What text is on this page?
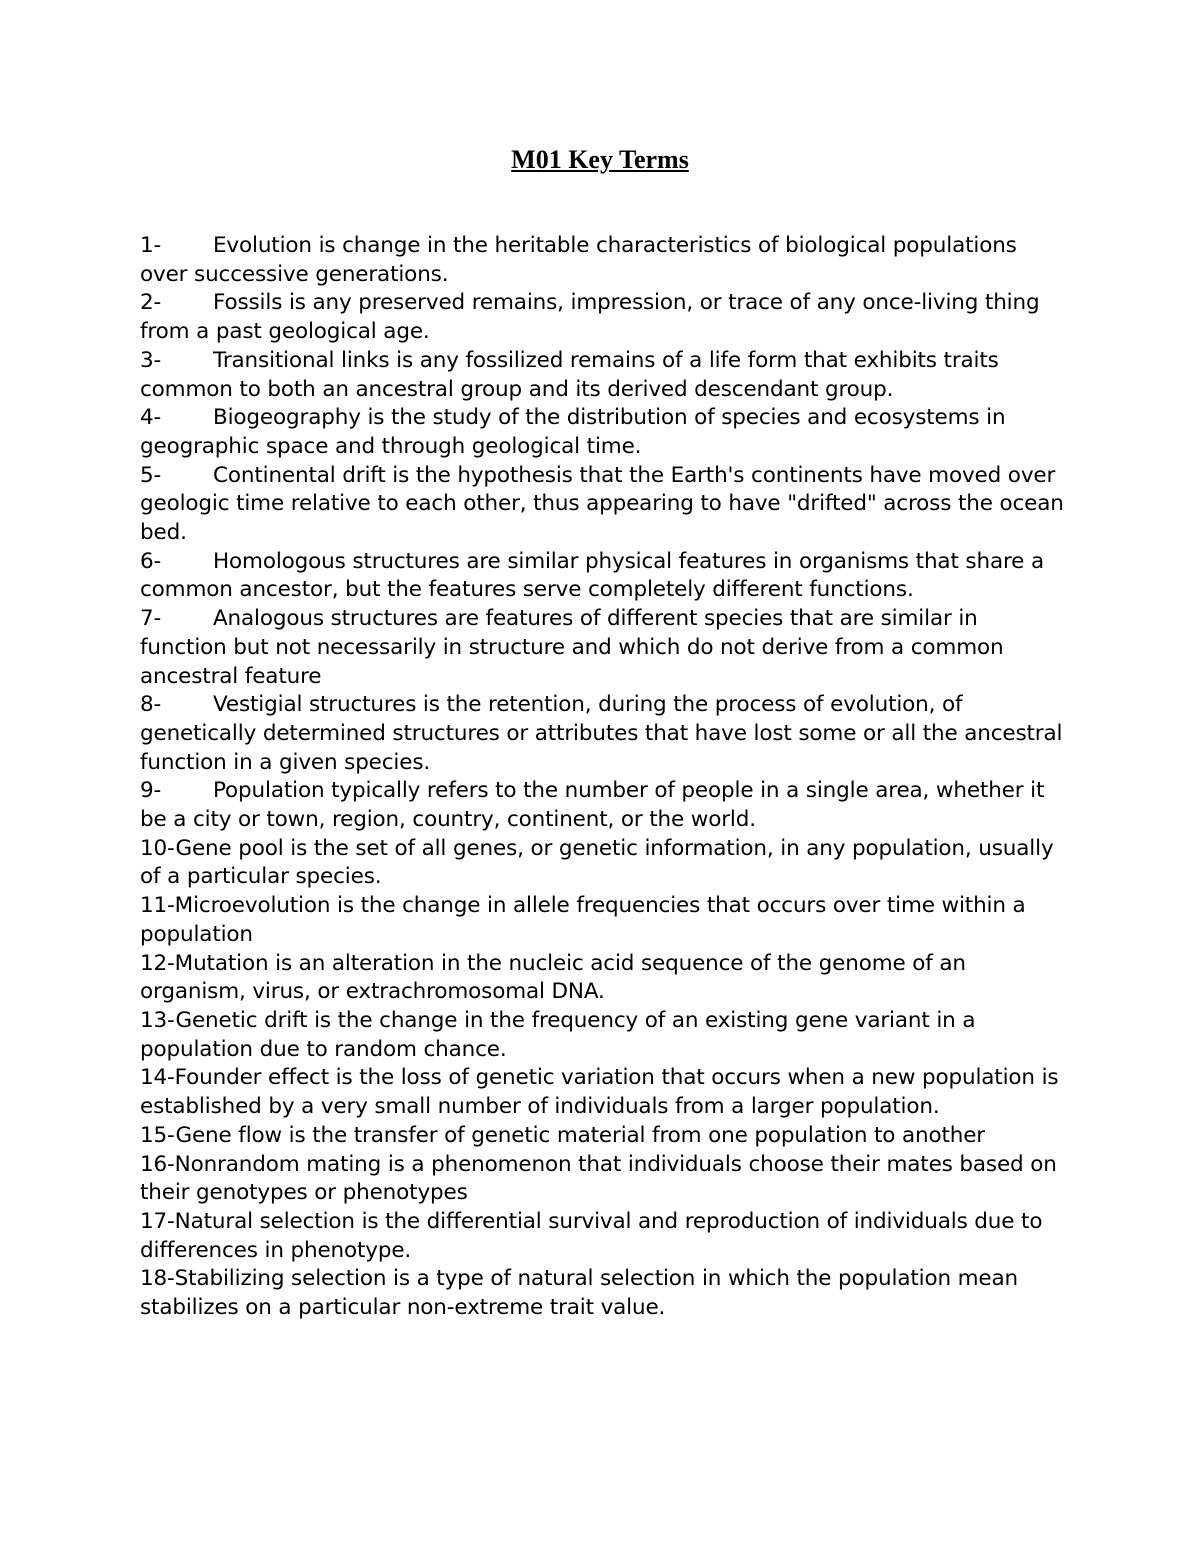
M01 Key Terms
1- Evolution is change in the heritable characteristics of biological populations over successive generations.
2- Fossils is any preserved remains, impression, or trace of any once-living thing from a past geological age.
3- Transitional links is any fossilized remains of a life form that exhibits traits common to both an ancestral group and its derived descendant group.
4- Biogeography is the study of the distribution of species and ecosystems in geographic space and through geological time.
5- Continental drift is the hypothesis that the Earth's continents have moved over geologic time relative to each other, thus appearing to have "drifted" across the ocean bed.
6- Homologous structures are similar physical features in organisms that share a common ancestor, but the features serve completely different functions.
7- Analogous structures are features of different species that are similar in function but not necessarily in structure and which do not derive from a common ancestral feature
8- Vestigial structures is the retention, during the process of evolution, of genetically determined structures or attributes that have lost some or all the ancestral function in a given species.
9- Population typically refers to the number of people in a single area, whether it be a city or town, region, country, continent, or the world.
10-Gene pool is the set of all genes, or genetic information, in any population, usually of a particular species.
11-Microevolution is the change in allele frequencies that occurs over time within a population
12-Mutation is an alteration in the nucleic acid sequence of the genome of an organism, virus, or extrachromosomal DNA.
13-Genetic drift is the change in the frequency of an existing gene variant in a population due to random chance.
14-Founder effect is the loss of genetic variation that occurs when a new population is established by a very small number of individuals from a larger population.
15-Gene flow is the transfer of genetic material from one population to another
16-Nonrandom mating is a phenomenon that individuals choose their mates based on their genotypes or phenotypes
17-Natural selection is the differential survival and reproduction of individuals due to differences in phenotype.
18-Stabilizing selection is a type of natural selection in which the population mean stabilizes on a particular non-extreme trait value.
